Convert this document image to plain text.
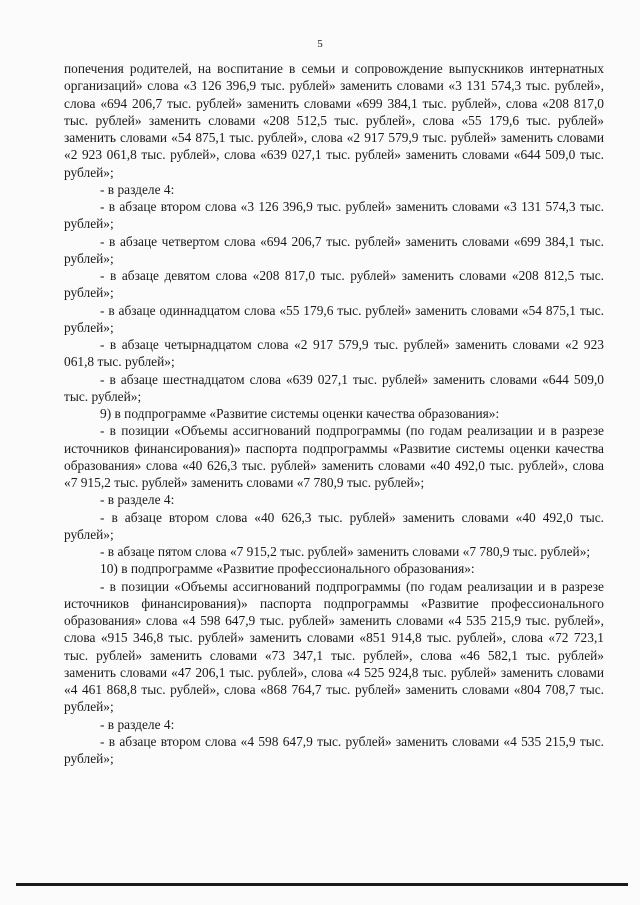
5

попечения родителей, на воспитание в семьи и сопровождение выпускников интернатных организаций» слова «3 126 396,9 тыс. рублей» заменить словами «3 131 574,3 тыс. рублей», слова «694 206,7 тыс. рублей» заменить словами «699 384,1 тыс. рублей», слова «208 817,0 тыс. рублей» заменить словами «208 512,5 тыс. рублей», слова «55 179,6 тыс. рублей» заменить словами «54 875,1 тыс. рублей», слова «2 917 579,9 тыс. рублей» заменить словами «2 923 061,8 тыс. рублей», слова «639 027,1 тыс. рублей» заменить словами «644 509,0 тыс. рублей»;

- в разделе 4:

- в абзаце втором слова «3 126 396,9 тыс. рублей» заменить словами «3 131 574,3 тыс. рублей»;

- в абзаце четвертом слова «694 206,7 тыс. рублей» заменить словами «699 384,1 тыс. рублей»;

- в абзаце девятом слова «208 817,0 тыс. рублей» заменить словами «208 812,5 тыс. рублей»;

- в абзаце одиннадцатом слова «55 179,6 тыс. рублей» заменить словами «54 875,1 тыс. рублей»;

- в абзаце четырнадцатом слова «2 917 579,9 тыс. рублей» заменить словами «2 923 061,8 тыс. рублей»;

- в абзаце шестнадцатом слова «639 027,1 тыс. рублей» заменить словами «644 509,0 тыс. рублей»;

9) в подпрограмме «Развитие системы оценки качества образования»:

- в позиции «Объемы ассигнований подпрограммы (по годам реализации и в разрезе источников финансирования)» паспорта подпрограммы «Развитие системы оценки качества образования» слова «40 626,3 тыс. рублей» заменить словами «40 492,0 тыс. рублей», слова «7 915,2 тыс. рублей» заменить словами «7 780,9 тыс. рублей»;

- в разделе 4:

- в абзаце втором слова «40 626,3 тыс. рублей» заменить словами «40 492,0 тыс. рублей»;

- в абзаце пятом слова «7 915,2 тыс. рублей» заменить словами «7 780,9 тыс. рублей»;

10) в подпрограмме «Развитие профессионального образования»:

- в позиции «Объемы ассигнований подпрограммы (по годам реализации и в разрезе источников финансирования)» паспорта подпрограммы «Развитие профессионального образования» слова «4 598 647,9 тыс. рублей» заменить словами «4 535 215,9 тыс. рублей», слова «915 346,8 тыс. рублей» заменить словами «851 914,8 тыс. рублей», слова «72 723,1 тыс. рублей» заменить словами «73 347,1 тыс. рублей», слова «46 582,1 тыс. рублей» заменить словами «47 206,1 тыс. рублей», слова «4 525 924,8 тыс. рублей» заменить словами «4 461 868,8 тыс. рублей», слова «868 764,7 тыс. рублей» заменить словами «804 708,7 тыс. рублей»;

- в разделе 4:

- в абзаце втором слова «4 598 647,9 тыс. рублей» заменить словами «4 535 215,9 тыс. рублей»;
